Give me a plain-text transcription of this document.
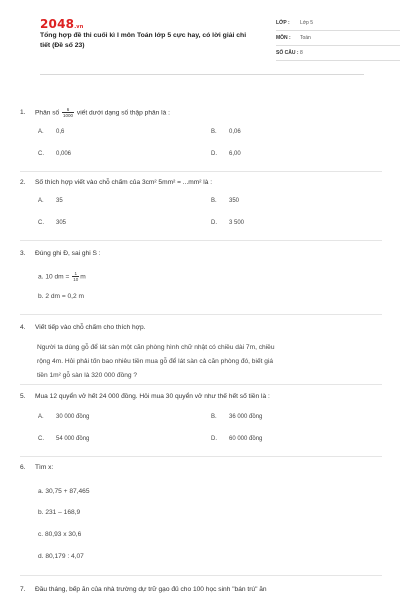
2048.vn
Tổng hợp đề thi cuối kì I môn Toán lớp 5 cực hay, có lời giải chi tiết (Đề số 23)
LỚP :	Lớp 5
MÔN :	Toán
SỐ CÂU : 8
1. Phân số $\frac{6}{1000}$ viết dưới dạng số thập phân là :
A. 0,6	B. 0,06
C. 0,006	D. 6,00
2. Số thích hợp viết vào chỗ chấm của 3cm² 5mm² = ...mm² là :
A. 35	B. 350
C. 305	D. 3 500
3. Đúng ghi Đ, sai ghi S :
a. 10 dm = $\frac{1}{10}$ m
b. 2 dm = 0,2 m
4. Viết tiếp vào chỗ chấm cho thích hợp.
Người ta dùng gỗ để lát sàn một căn phòng hình chữ nhật có chiều dài 7m, chiều
rộng 4m. Hỏi phải tốn bao nhiêu tiền mua gỗ để lát sàn cả căn phòng đó, biết giá
tiền 1m² gỗ sàn là 320 000 đồng ?
5. Mua 12 quyển vở hết 24 000 đồng. Hỏi mua 30 quyển vở như thế hết số tiền là :
A. 30 000 đồng	B. 36 000 đồng
C. 54 000 đồng	D. 60 000 đồng
6. Tìm x:
a. 30,75 + 87,465
b. 231 – 168,9
c. 80,93 x 30,6
d. 80,179 : 4,07
7. Đầu tháng, bếp ăn của nhà trường dự trữ gạo đủ cho 100 học sinh "bán trú" ăn
